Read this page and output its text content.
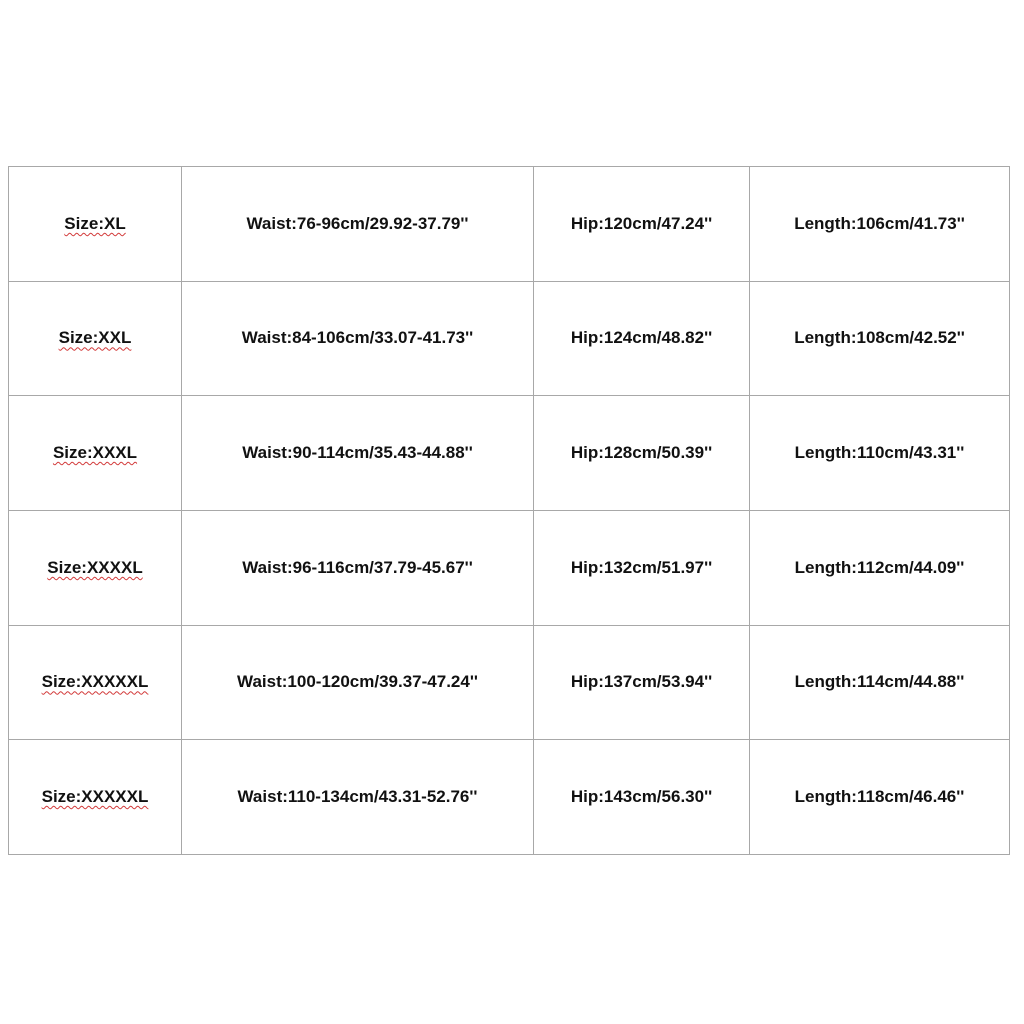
Size:XL	Waist:76-96cm/29.92-37.79''	Hip:120cm/47.24''	Length:106cm/41.73''
Size:XXL	Waist:84-106cm/33.07-41.73''	Hip:124cm/48.82''	Length:108cm/42.52''
Size:XXXL	Waist:90-114cm/35.43-44.88''	Hip:128cm/50.39''	Length:110cm/43.31''
Size:XXXXL	Waist:96-116cm/37.79-45.67''	Hip:132cm/51.97''	Length:112cm/44.09''
Size:XXXXXL	Waist:100-120cm/39.37-47.24''	Hip:137cm/53.94''	Length:114cm/44.88''
Size:XXXXXL	Waist:110-134cm/43.31-52.76''	Hip:143cm/56.30''	Length:118cm/46.46''
